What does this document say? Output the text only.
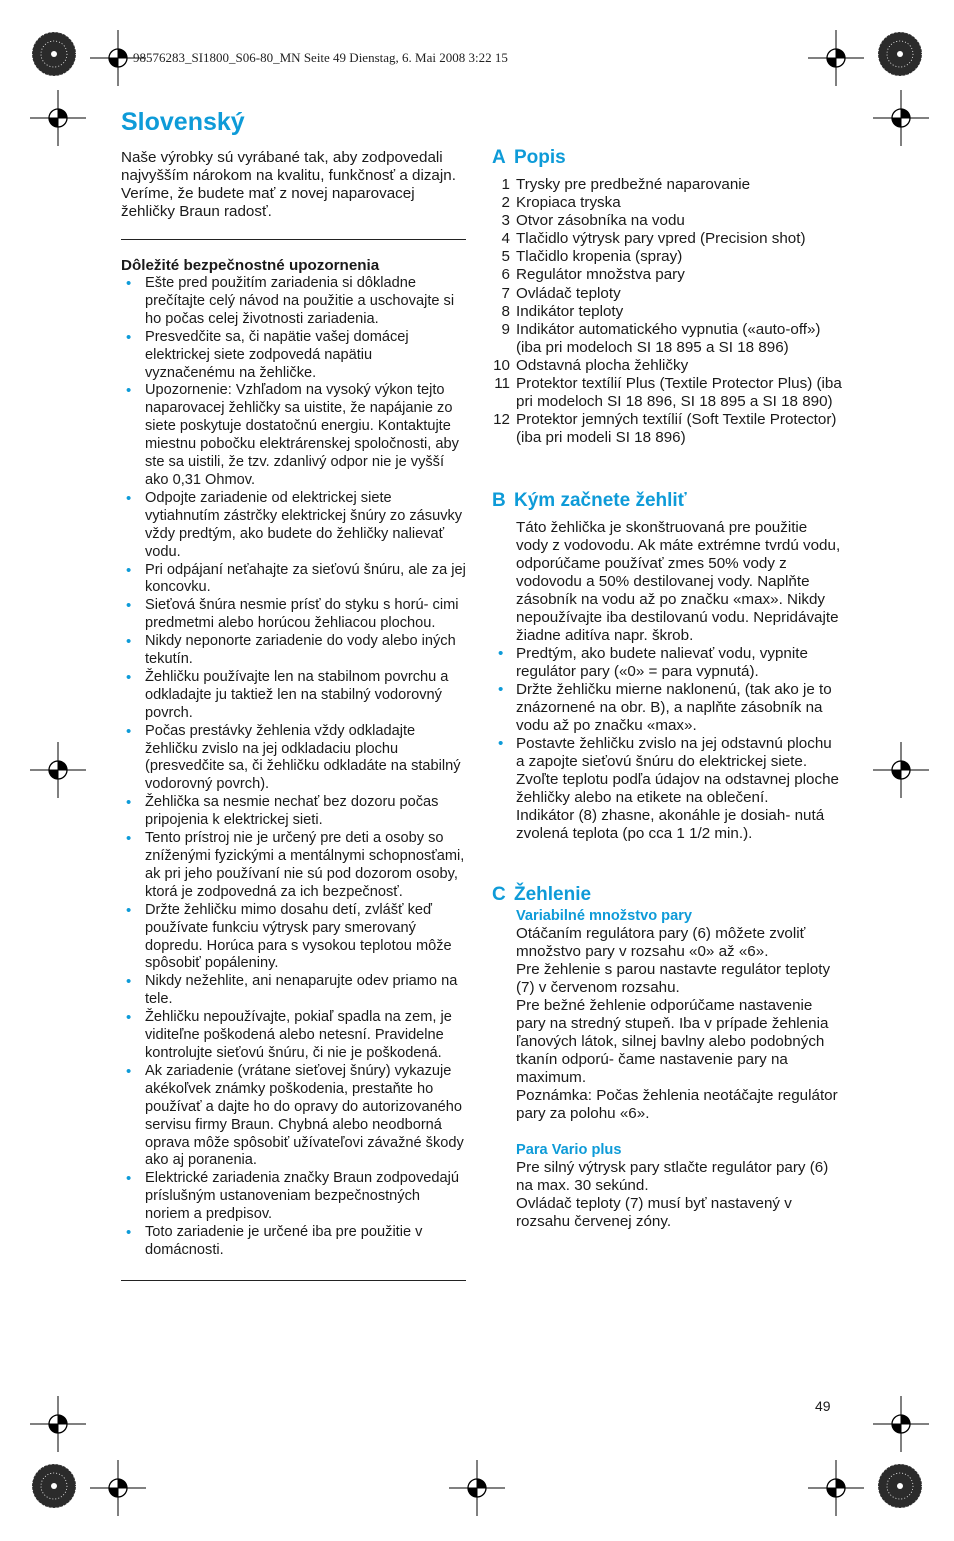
98576283_SI1800_S06-80_MN Seite 49 Dienstag, 6. Mai 2008 3:22 15
Slovenský

Naše výrobky sú vyrábané tak, aby zodpovedali najvyšším nárokom na kvalitu, funkčnosť a dizajn. Veríme, že budete mať z novej naparovacej žehličky Braun radosť.

Dôležité bezpečnostné upozornenia

• Ešte pred použitím zariadenia si dôkladne prečítajte celý návod na použitie a uschovajte si ho počas celej životnosti zariadenia.
• Presvedčite sa, či napätie vašej domácej elektrickej siete zodpovedá napätiu vyznačenému na žehličke.
• Upozornenie: Vzhľadom na vysoký výkon tejto naparovacej žehličky sa uistite, že napájanie zo siete poskytuje dostatočnú energiu. Kontaktujte miestnu pobočku elektrárenskej spoločnosti, aby ste sa uistili, že tzv. zdanlivý odpor nie je vyšší ako 0,31 Ohmov.
• Odpojte zariadenie od elektrickej siete vytiahnutím zástrčky elektrickej šnúry zo zásuvky vždy predtým, ako budete do žehličky nalievať vodu.
• Pri odpájaní neťahajte za sieťovú šnúru, ale za jej koncovku.
• Sieťová šnúra nesmie prísť do styku s horú- cimi predmetmi alebo horúcou žehliacou plochou.
• Nikdy neponorte zariadenie do vody alebo iných tekutín.
• Žehličku používajte len na stabilnom povrchu a odkladajte ju taktiež len na stabilný vodorovný povrch.
• Počas prestávky žehlenia vždy odkladajte žehličku zvislo na jej odkladaciu plochu (presvedčite sa, či žehličku odkladáte na stabilný vodorovný povrch).
• Žehlička sa nesmie nechať bez dozoru počas pripojenia k elektrickej sieti.
• Tento prístroj nie je určený pre deti a osoby so zníženými fyzickými a mentálnymi schopnosťami, ak pri jeho používaní nie sú pod dozorom osoby, ktorá je zodpovedná za ich bezpečnosť.
• Držte žehličku mimo dosahu detí, zvlášť keď používate funkciu výtrysk pary smerovaný dopredu. Horúca para s vysokou teplotou môže spôsobiť popáleniny.
• Nikdy nežehlite, ani nenaparujte odev priamo na tele.
• Žehličku nepoužívajte, pokiaľ spadla na zem, je viditeľne poškodená alebo netesní. Pravidelne kontrolujte sieťovú šnúru, či nie je poškodená.
• Ak zariadenie (vrátane sieťovej šnúry) vykazuje akékoľvek známky poškodenia, prestaňte ho používať a dajte ho do opravy do autorizovaného servisu firmy Braun. Chybná alebo neodborná oprava môže spôsobiť užívateľovi závažné škody ako aj poranenia.
• Elektrické zariadenia značky Braun zodpovedajú príslušným ustanoveniam bezpečnostných noriem a predpisov.
• Toto zariadenie je určené iba pre použitie v domácnosti.
A Popis
1 Trysky pre predbežné naparovanie
2 Kropiaca tryska
3 Otvor zásobníka na vodu
4 Tlačidlo výtrysk pary vpred (Precision shot)
5 Tlačidlo kropenia (spray)
6 Regulátor množstva pary
7 Ovládač teploty
8 Indikátor teploty
9 Indikátor automatického vypnutia («auto-off»)
(iba pri modeloch SI 18 895 a SI 18 896)
10 Odstavná plocha žehličky
11 Protektor textílií Plus (Textile Protector Plus) (iba pri modeloch SI 18 896, SI 18 895 a SI 18 890)
12 Protektor jemných textílií (Soft Textile Protector) (iba pri modeli SI 18 896)
B Kým začnete žehliť

Táto žehlička je skonštruovaná pre použitie vody z vodovodu. Ak máte extrémne tvrdú vodu, odporúčame používať zmes 50% vody z vodovodu a 50% destilovanej vody. Naplňte zásobník na vodu až po značku «max». Nikdy nepoužívajte iba destilovanú vodu. Nepridávajte žiadne aditíva napr. škrob.

• Predtým, ako budete nalievať vodu, vypnite regulátor pary («0» = para vypnutá).
• Držte žehličku mierne naklonenú, (tak ako je to znázornené na obr. B), a naplňte zásobník na vodu až po značku «max».
• Postavte žehličku zvislo na jej odstavnú plochu a zapojte sieťovú šnúru do elektrickej siete.

Zvoľte teplotu podľa údajov na odstavnej ploche žehličky alebo na etikete na oblečení.

Indikátor (8) zhasne, akonáhle je dosiah- nutá zvolená teplota (po cca 1 1/2 min.).

C Žehlenie

Variabilné množstvo pary

Otáčaním regulátora pary (6) môžete zvoliť množstvo pary v rozsahu «0» až «6».

Pre žehlenie s parou nastavte regulátor teploty (7) v červenom rozsahu.

Pre bežné žehlenie odporúčame nastavenie pary na stredný stupeň. Iba v prípade žehlenia ľanových látok, silnej bavlny alebo podobných tkanín odporú- čame nastavenie pary na maximum.

Poznámka: Počas žehlenia neotáčajte regulátor pary za polohu «6».

Para Vario plus

Pre silný výtrysk pary stlačte regulátor pary (6) na max. 30 sekúnd.

Ovládač teploty (7) musí byť nastavený v rozsahu červenej zóny.

49
